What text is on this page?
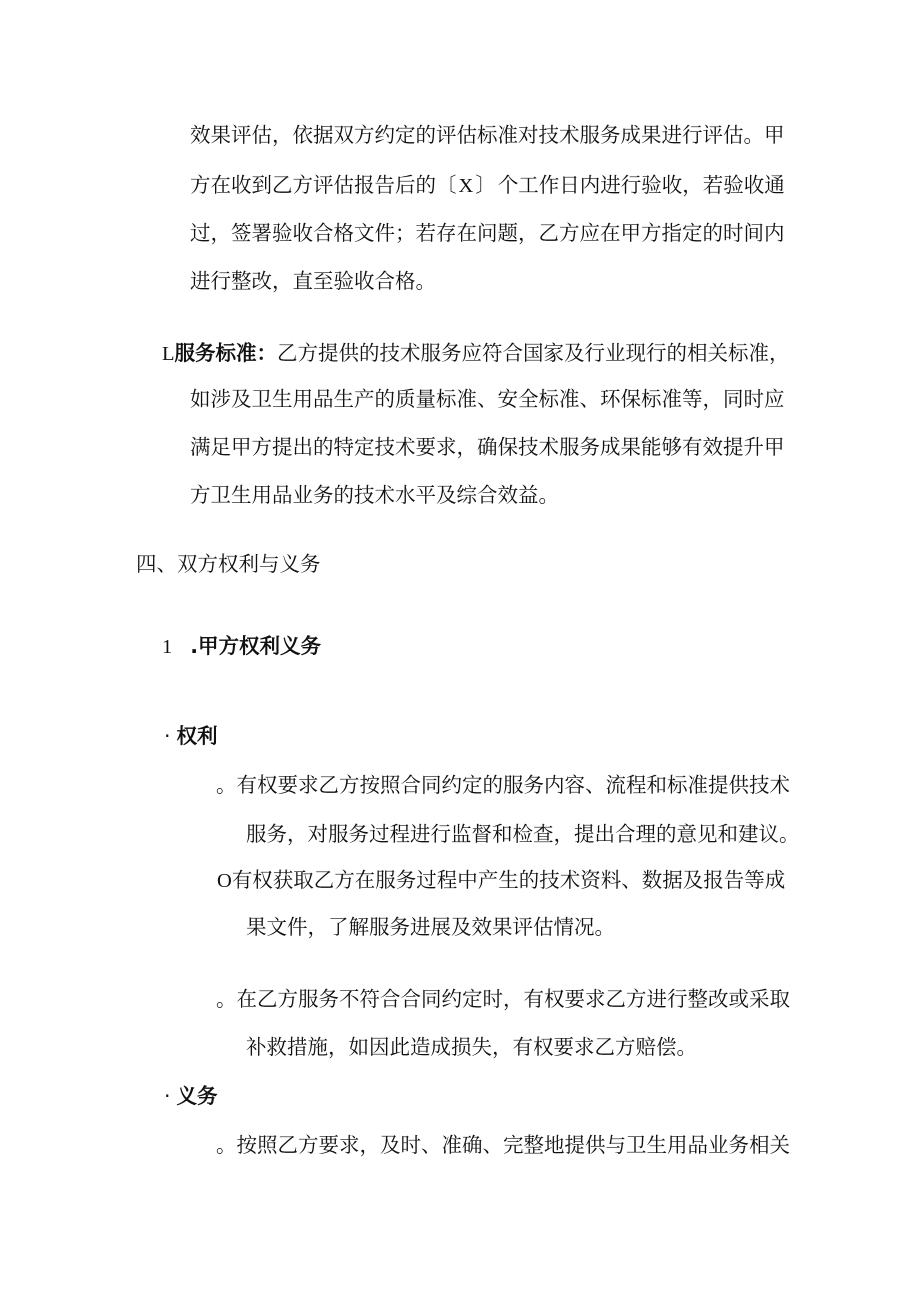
效果评估，依据双方约定的评估标准对技术服务成果进行评估。甲
方在收到乙方评估报告后的〔X〕个工作日内进行验收，若验收通
过，签署验收合格文件；若存在问题，乙方应在甲方指定的时间内
进行整改，直至验收合格。
L服务标准：乙方提供的技术服务应符合国家及行业现行的相关标准，
如涉及卫生用品生产的质量标准、安全标准、环保标准等，同时应
满足甲方提出的特定技术要求，确保技术服务成果能够有效提升甲
方卫生用品业务的技术水平及综合效益。
四、双方权利与义务
1 .甲方权利义务
· 权利
。有权要求乙方按照合同约定的服务内容、流程和标准提供技术
服务，对服务过程进行监督和检查，提出合理的意见和建议。
O有权获取乙方在服务过程中产生的技术资料、数据及报告等成
果文件，了解服务进展及效果评估情况。
。在乙方服务不符合合同约定时，有权要求乙方进行整改或采取
补救措施，如因此造成损失，有权要求乙方赔偿。
· 义务
。按照乙方要求，及时、准确、完整地提供与卫生用品业务相关
